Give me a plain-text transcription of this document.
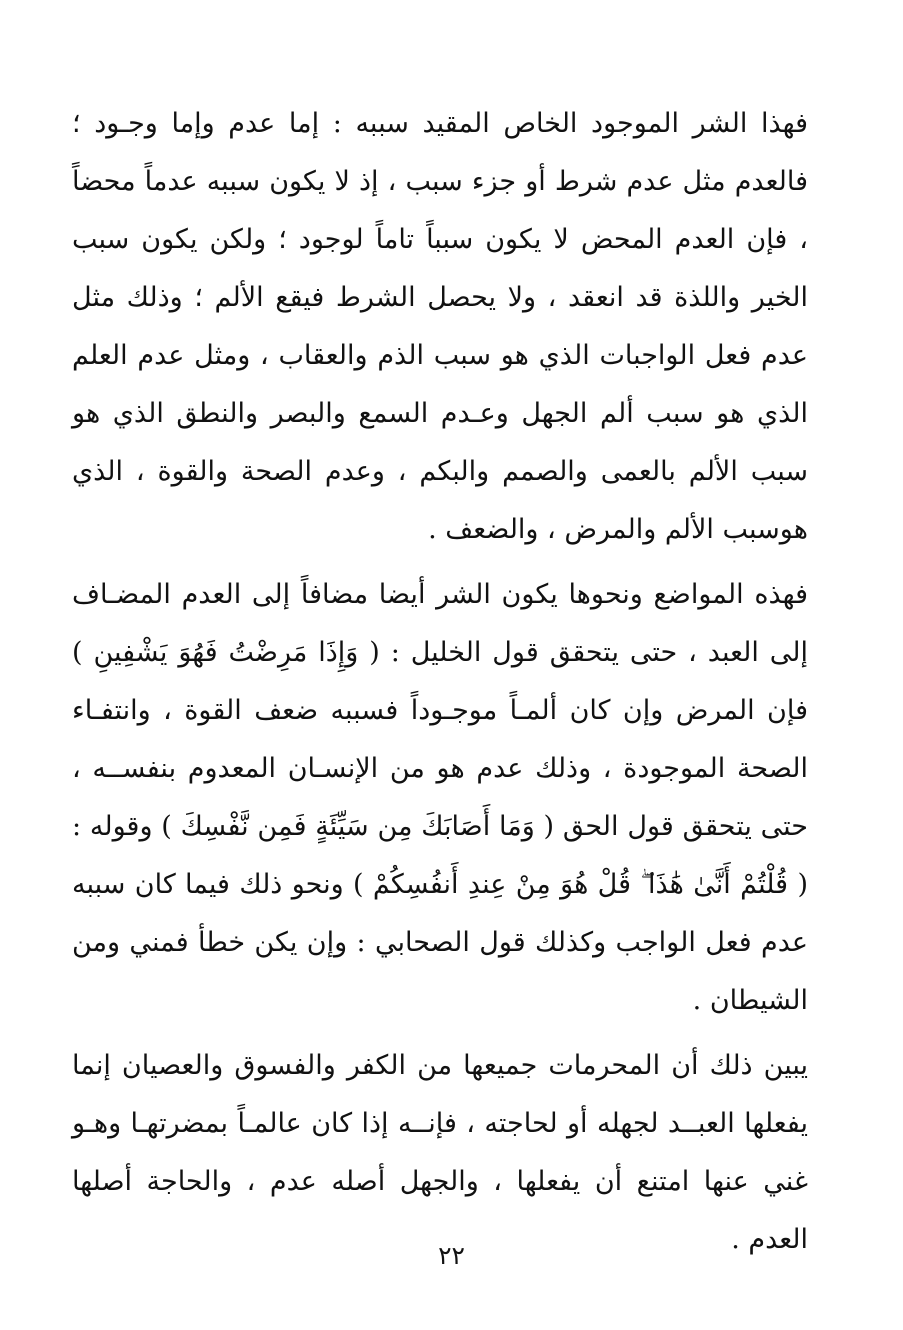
فهذا الشر الموجود الخاص المقيد سببه : إما عدم وإما وجـود ؛ فالعدم مثل عدم شرط أو جزء سبب ، إذ لا يكون سببه عدماً محضاً ، فإن العدم المحض لا يكون سبباً تاماً لوجود ؛ ولكن يكون سبب الخير واللذة قد انعقد ، ولا يحصل الشرط فيقع الألم ؛ وذلك مثل عدم فعل الواجبات الذي هو سبب الذم والعقاب ، ومثل عدم العلم الذي هو سبب ألم الجهل وعـدم السمع والبصر والنطق الذي هو سبب الألم بالعمى والصمم والبكم ، وعدم الصحة والقوة ، الذي هوسبب الألم والمرض ، والضعف .

فهذه المواضع ونحوها يكون الشر أيضا مضافاً إلى العدم المضـاف إلى العبد ، حتى يتحقق قول الخليل : ( وَإِذَا مَرِضْتُ فَهُوَ يَشْفِينِ ) فإن المرض وإن كان ألمـاً موجـوداً فسببه ضعف القوة ، وانتفـاء الصحة الموجودة ، وذلك عدم هو من الإنسـان المعدوم بنفســه ، حتى يتحقق قول الحق ( وَمَا أَصَابَكَ مِن سَيِّئَةٍ فَمِن نَّفْسِكَ ) وقوله : ( قُلْتُمْ أَنَّىٰ هَٰذَا ۖ قُلْ هُوَ مِنْ عِندِ أَنفُسِكُمْ ) ونحو ذلك فيما كان سببه عدم فعل الواجب وكذلك قول الصحابي : وإن يكن خطأ فمني ومن الشيطان .

يبين ذلك أن المحرمات جميعها من الكفر والفسوق والعصيان إنما يفعلها العبــد لجهله أو لحاجته ، فإنــه إذا كان عالمـاً بمضرتهـا وهـو غني عنها امتنع أن يفعلها ، والجهل أصله عدم ، والحاجة أصلها العدم .

٢٢
